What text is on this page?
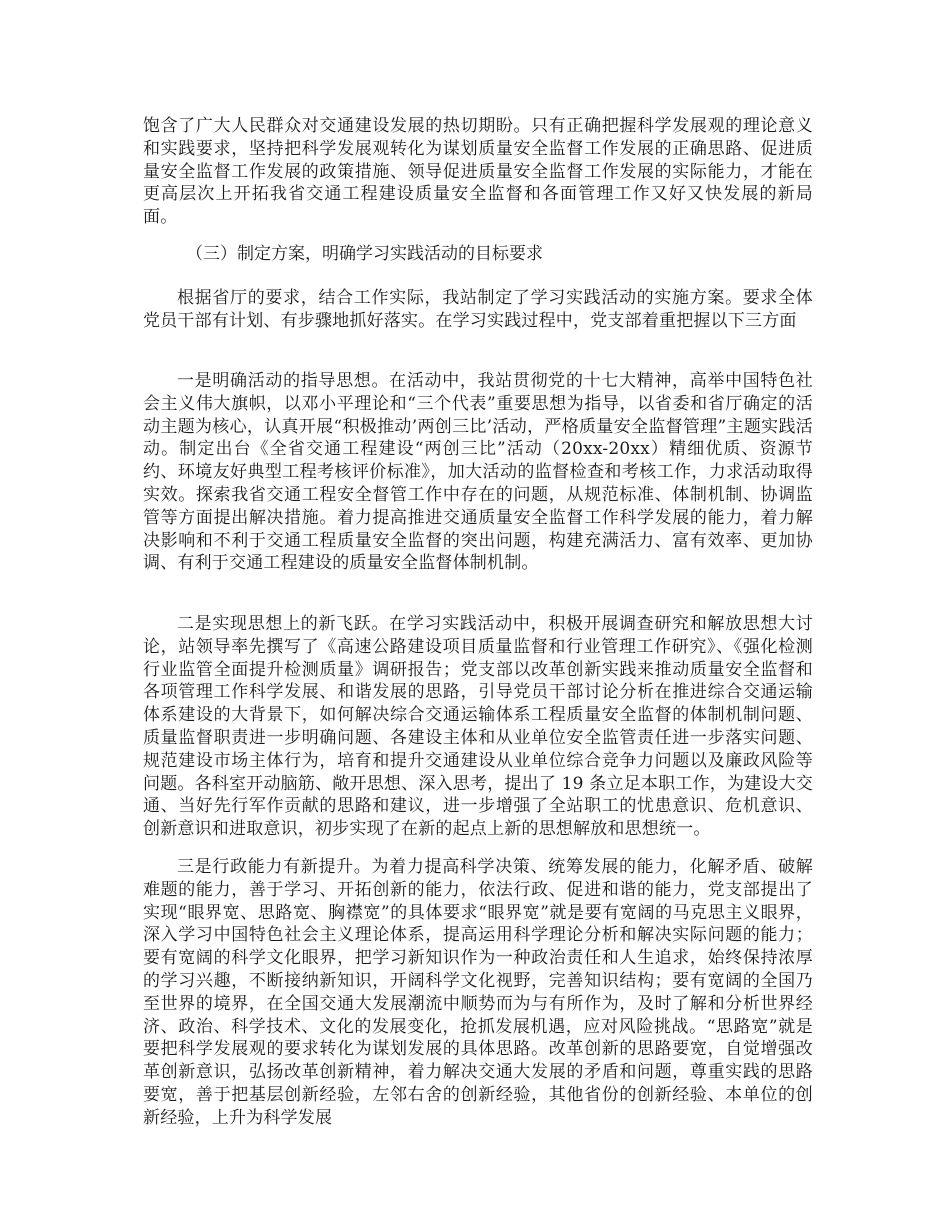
饱含了广大人民群众对交通建设发展的热切期盼。只有正确把握科学发展观的理论意义和实践要求，坚持把科学发展观转化为谋划质量安全监督工作发展的正确思路、促进质量安全监督工作发展的政策措施、领导促进质量安全监督工作发展的实际能力，才能在更高层次上开拓我省交通工程建设质量安全监督和各面管理工作又好又快发展的新局面。

（三）制定方案，明确学习实践活动的目标要求

根据省厅的要求，结合工作实际，我站制定了学习实践活动的实施方案。要求全体党员干部有计划、有步骤地抓好落实。在学习实践过程中，党支部着重把握以下三方面

一是明确活动的指导思想。在活动中，我站贯彻党的十七大精神，高举中国特色社会主义伟大旗帜，以邓小平理论和“三个代表”重要思想为指导，以省委和省厅确定的活动主题为核心，认真开展“积极推动’两创三比’活动，严格质量安全监督管理”主题实践活动。制定出台《全省交通工程建设“两创三比”活动（20xx-20xx）精细优质、资源节约、环境友好典型工程考核评价标准》，加大活动的监督检查和考核工作，力求活动取得实效。探索我省交通工程安全督管工作中存在的问题，从规范标准、体制机制、协调监管等方面提出解决措施。着力提高推进交通质量安全监督工作科学发展的能力，着力解决影响和不利于交通工程质量安全监督的突出问题，构建充满活力、富有效率、更加协调、有利于交通工程建设的质量安全监督体制机制。

二是实现思想上的新飞跃。在学习实践活动中，积极开展调查研究和解放思想大讨论，站领导率先撰写了《高速公路建设项目质量监督和行业管理工作研究》、《强化检测行业监管全面提升检测质量》调研报告；党支部以改革创新实践来推动质量安全监督和各项管理工作科学发展、和谐发展的思路，引导党员干部讨论分析在推进综合交通运输体系建设的大背景下，如何解决综合交通运输体系工程质量安全监督的体制机制问题、质量监督职责进一步明确问题、各建设主体和从业单位安全监管责任进一步落实问题、规范建设市场主体行为，培育和提升交通建设从业单位综合竞争力问题以及廉政风险等问题。各科室开动脑筋、敞开思想、深入思考，提出了 19 条立足本职工作，为建设大交通、当好先行军作贡献的思路和建议，进一步增强了全站职工的忧患意识、危机意识、创新意识和进取意识，初步实现了在新的起点上新的思想解放和思想统一。

三是行政能力有新提升。为着力提高科学决策、统筹发展的能力，化解矛盾、破解难题的能力，善于学习、开拓创新的能力，依法行政、促进和谐的能力，党支部提出了实现“眼界宽、思路宽、胸襟宽”的具体要求“眼界宽”就是要有宽阔的马克思主义眼界，深入学习中国特色社会主义理论体系，提高运用科学理论分析和解决实际问题的能力；要有宽阔的科学文化眼界，把学习新知识作为一种政治责任和人生追求，始终保持浓厚的学习兴趣，不断接纳新知识，开阔科学文化视野，完善知识结构；要有宽阔的全国乃至世界的境界，在全国交通大发展潮流中顺势而为与有所作为，及时了解和分析世界经济、政治、科学技术、文化的发展变化，抢抓发展机遇，应对风险挑战。“思路宽”就是要把科学发展观的要求转化为谋划发展的具体思路。改革创新的思路要宽，自觉增强改革创新意识，弘扬改革创新精神，着力解决交通大发展的矛盾和问题，尊重实践的思路要宽，善于把基层创新经验，左邻右舍的创新经验，其他省份的创新经验、本单位的创新经验，上升为科学发展
